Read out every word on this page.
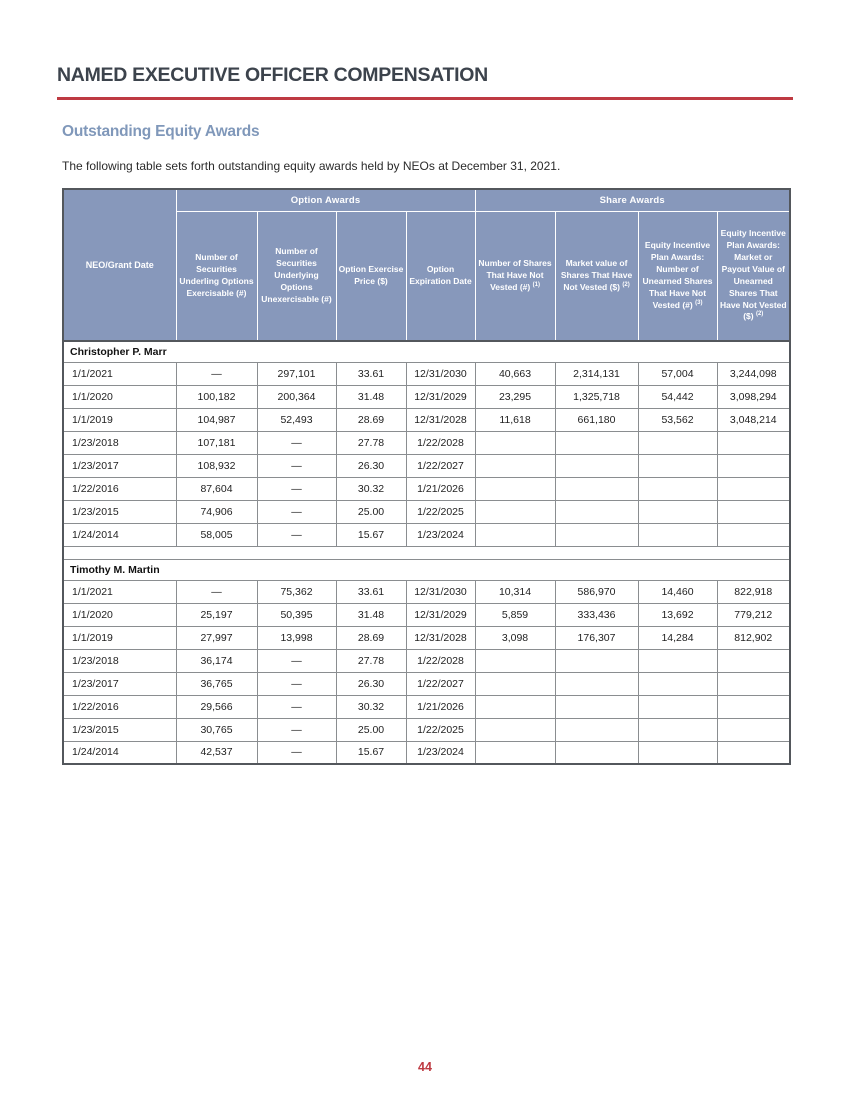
NAMED EXECUTIVE OFFICER COMPENSATION
Outstanding Equity Awards
The following table sets forth outstanding equity awards held by NEOs at December 31, 2021.
NEO/Grant Date	Option Awards				Share Awards			
	Number of Securities Underling Options Exercisable (#)	Number of Securities Underlying Options Unexercisable (#)	Option Exercise Price ($)	Option Expiration Date	Number of Shares That Have Not Vested (#) $^{(1)}$	Market value of Shares That Have Not Vested ($) $^{(2)}$	Equity Incentive Plan Awards: Number of Unearned Shares That Have Not Vested (#) $^{(3)}$	Equity Incentive Plan Awards: Market or Payout Value of Unearned Shares That Have Not Vested ($) $^{(2)}$
Christopher P. Marr								
1/1/2021	—	297,101	33.61	12/31/2030	40,663	2,314,131	57,004	3,244,098
1/1/2020	100,182	200,364	31.48	12/31/2029	23,295	1,325,718	54,442	3,098,294
1/1/2019	104,987	52,493	28.69	12/31/2028	11,618	661,180	53,562	3,048,214
1/23/2018	107,181	—	27.78	1/22/2028				
1/23/2017	108,932	—	26.30	1/22/2027				
1/22/2016	87,604	—	30.32	1/21/2026				
1/23/2015	74,906	—	25.00	1/22/2025				
1/24/2014	58,005	—	15.67	1/23/2024				

Timothy M. Martin								
1/1/2021	—	75,362	33.61	12/31/2030	10,314	586,970	14,460	822,918
1/1/2020	25,197	50,395	31.48	12/31/2029	5,859	333,436	13,692	779,212
1/1/2019	27,997	13,998	28.69	12/31/2028	3,098	176,307	14,284	812,902
1/23/2018	36,174	—	27.78	1/22/2028				
1/23/2017	36,765	—	26.30	1/22/2027				
1/22/2016	29,566	—	30.32	1/21/2026				
1/23/2015	30,765	—	25.00	1/22/2025				
1/24/2014	42,537	—	15.67	1/23/2024				
44
